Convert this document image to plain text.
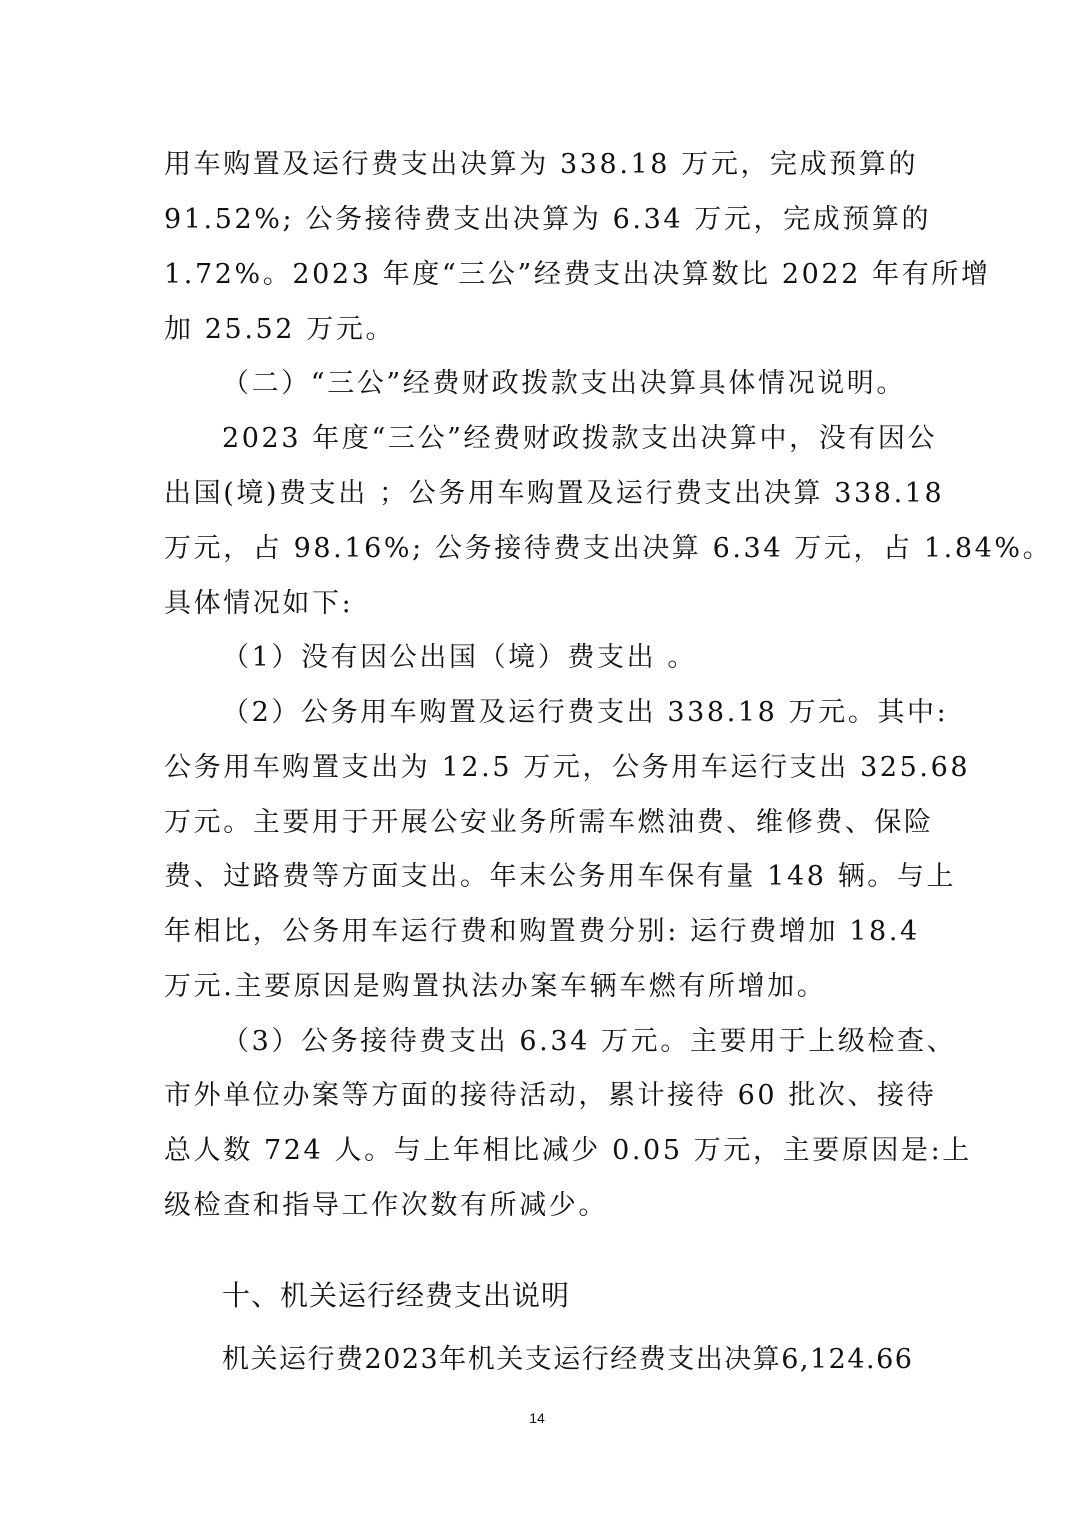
用车购置及运行费支出决算为 338.18 万元，完成预算的

91.52%; 公务接待费支出决算为 6.34 万元，完成预算的

1.72%。2023 年度“三公”经费支出决算数比 2022 年有所增

加 25.52 万元。

（二）“三公”经费财政拨款支出决算具体情况说明。

2023 年度“三公”经费财政拨款支出决算中，没有因公

出国(境)费支出 ；公务用车购置及运行费支出决算 338.18

万元，占 98.16%; 公务接待费支出决算 6.34 万元，占 1.84%。

具体情况如下:

（1）没有因公出国（境）费支出 。

（2）公务用车购置及运行费支出 338.18 万元。其中:

公务用车购置支出为 12.5 万元，公务用车运行支出 325.68

万元。主要用于开展公安业务所需车燃油费、维修费、保险

费、过路费等方面支出。年末公务用车保有量 148 辆。与上

年相比，公务用车运行费和购置费分别: 运行费增加 18.4

万元.主要原因是购置执法办案车辆车燃有所增加。

（3）公务接待费支出 6.34 万元。主要用于上级检查、

市外单位办案等方面的接待活动，累计接待 60 批次、接待

总人数 724 人。与上年相比减少 0.05 万元，主要原因是:上

级检查和指导工作次数有所减少。

十、机关运行经费支出说明

机关运行费2023年机关支运行经费支出决算6,124.66

14
